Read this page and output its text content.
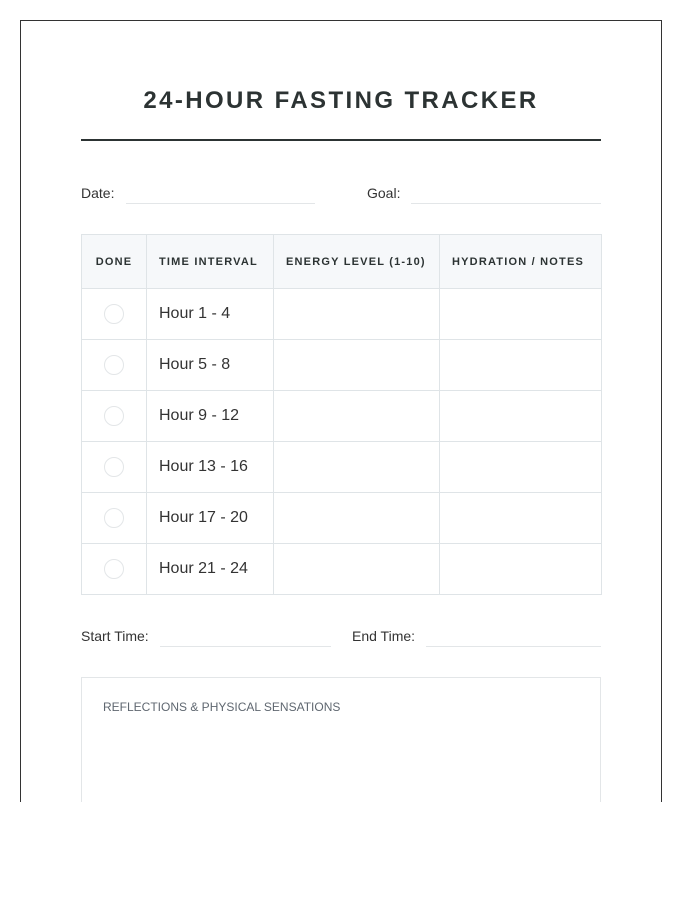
24-HOUR FASTING TRACKER
Date:	Goal:
DONE	TIME INTERVAL	ENERGY LEVEL (1-10)	HYDRATION / NOTES
	Hour 1 - 4		
	Hour 5 - 8		
	Hour 9 - 12		
	Hour 13 - 16		
	Hour 17 - 20		
	Hour 21 - 24		
Start Time:	End Time:
REFLECTIONS & PHYSICAL SENSATIONS
